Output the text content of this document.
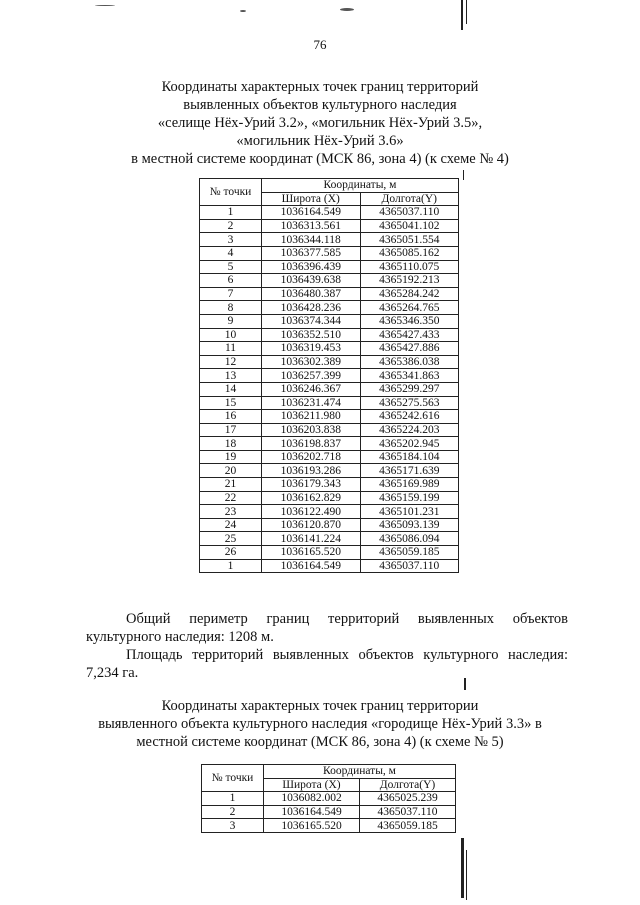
76
Координаты характерных точек границ территорий
выявленных объектов культурного наследия
«селище Нёх-Урий 3.2», «могильник Нёх-Урий 3.5»,
«могильник Нёх-Урий 3.6»
в местной системе координат (МСК 86, зона 4) (к схеме № 4)
№ точки	Координаты, м	
	Широта (X)	Долгота(Y)
1	1036164.549	4365037.110
2	1036313.561	4365041.102
3	1036344.118	4365051.554
4	1036377.585	4365085.162
5	1036396.439	4365110.075
6	1036439.638	4365192.213
7	1036480.387	4365284.242
8	1036428.236	4365264.765
9	1036374.344	4365346.350
10	1036352.510	4365427.433
11	1036319.453	4365427.886
12	1036302.389	4365386.038
13	1036257.399	4365341.863
14	1036246.367	4365299.297
15	1036231.474	4365275.563
16	1036211.980	4365242.616
17	1036203.838	4365224.203
18	1036198.837	4365202.945
19	1036202.718	4365184.104
20	1036193.286	4365171.639
21	1036179.343	4365169.989
22	1036162.829	4365159.199
23	1036122.490	4365101.231
24	1036120.870	4365093.139
25	1036141.224	4365086.094
26	1036165.520	4365059.185
1	1036164.549	4365037.110
Общий периметр границ территорий выявленных объектов
культурного наследия: 1208 м.
Площадь территорий выявленных объектов культурного наследия:
7,234 га.
Координаты характерных точек границ территории
выявленного объекта культурного наследия «городище Нёх-Урий 3.3» в
местной системе координат (МСК 86, зона 4) (к схеме № 5)
№ точки	Координаты, м	
	Широта (X)	Долгота(Y)
1	1036082.002	4365025.239
2	1036164.549	4365037.110
3	1036165.520	4365059.185
